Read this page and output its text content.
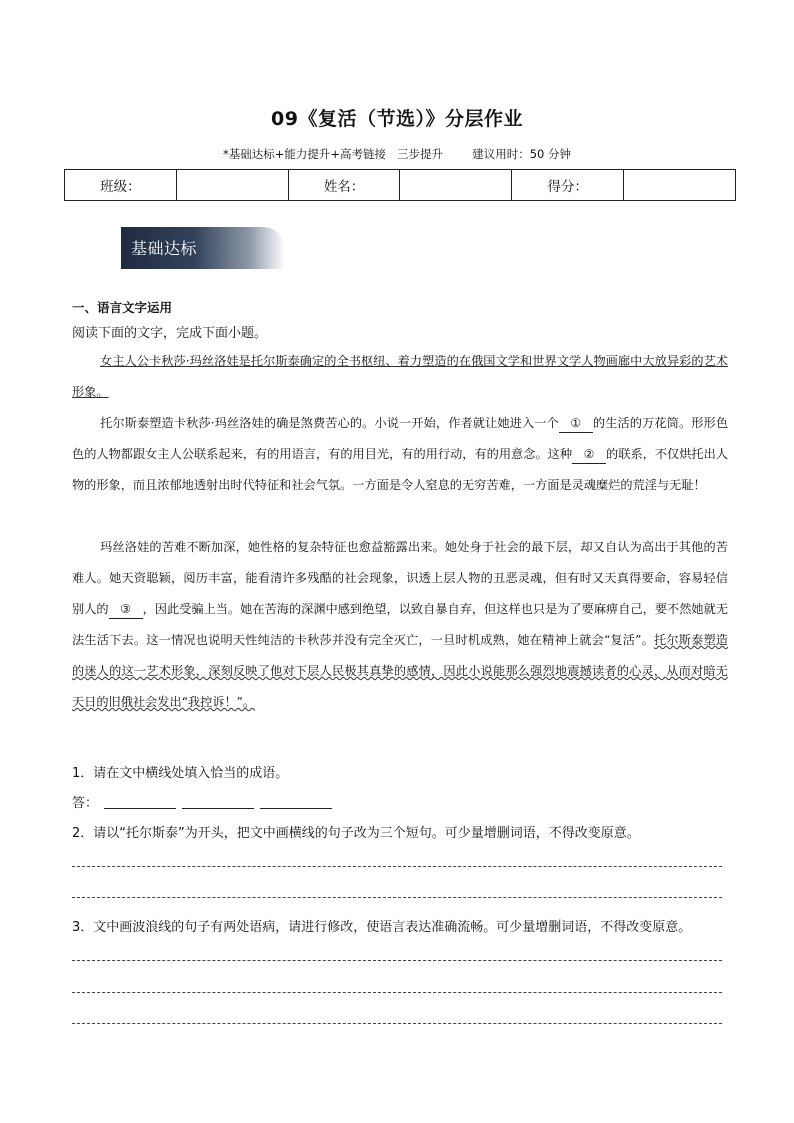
09《复活（节选）》分层作业
*基础达标+能力提升+高考链接   三步提升        建议用时：50 分钟
班级：		姓名：		得分：	
基础达标
一、语言文字运用
阅读下面的文字，完成下面小题。
女主人公卡秋莎·玛丝洛娃是托尔斯泰确定的全书枢纽、着力塑造的在俄国文学和世界文学人物画廊中大放异彩的艺术形象。
托尔斯泰塑造卡秋莎·玛丝洛娃的确是煞费苦心的。小说一开始，作者就让她进入一个 ① 的生活的万花筒。形形色色的人物都跟女主人公联系起来，有的用语言，有的用目光，有的用行动，有的用意念。这种 ② 的联系，不仅烘托出人物的形象，而且浓郁地透射出时代特征和社会气氛。一方面是令人窒息的无穷苦难，一方面是灵魂糜烂的荒淫与无耻！
玛丝洛娃的苦难不断加深，她性格的复杂特征也愈益豁露出来。她处身于社会的最下层，却又自认为高出于其他的苦难人。她天资聪颖，阅历丰富，能看清许多残酷的社会现象，识透上层人物的丑恶灵魂，但有时又天真得要命，容易轻信别人的 ③ ，因此受骗上当。她在苦海的深渊中感到绝望，以致自暴自弃，但这样也只是为了要麻痹自己，要不然她就无法生活下去。这一情况也说明天性纯洁的卡秋莎并没有完全灭亡，一旦时机成熟，她在精神上就会“复活”。托尔斯泰塑造的迷人的这一艺术形象，深刻反映了他对下层人民极其真挚的感情，因此小说能那么强烈地震撼读者的心灵，从而对暗无天日的旧俄社会发出“我控诉！”。
1．请在文中横线处填入恰当的成语。
答：
2．请以“托尔斯泰”为开头，把文中画横线的句子改为三个短句。可少量增删词语，不得改变原意。
3．文中画波浪线的句子有两处语病，请进行修改，使语言表达准确流畅。可少量增删词语，不得改变原意。
